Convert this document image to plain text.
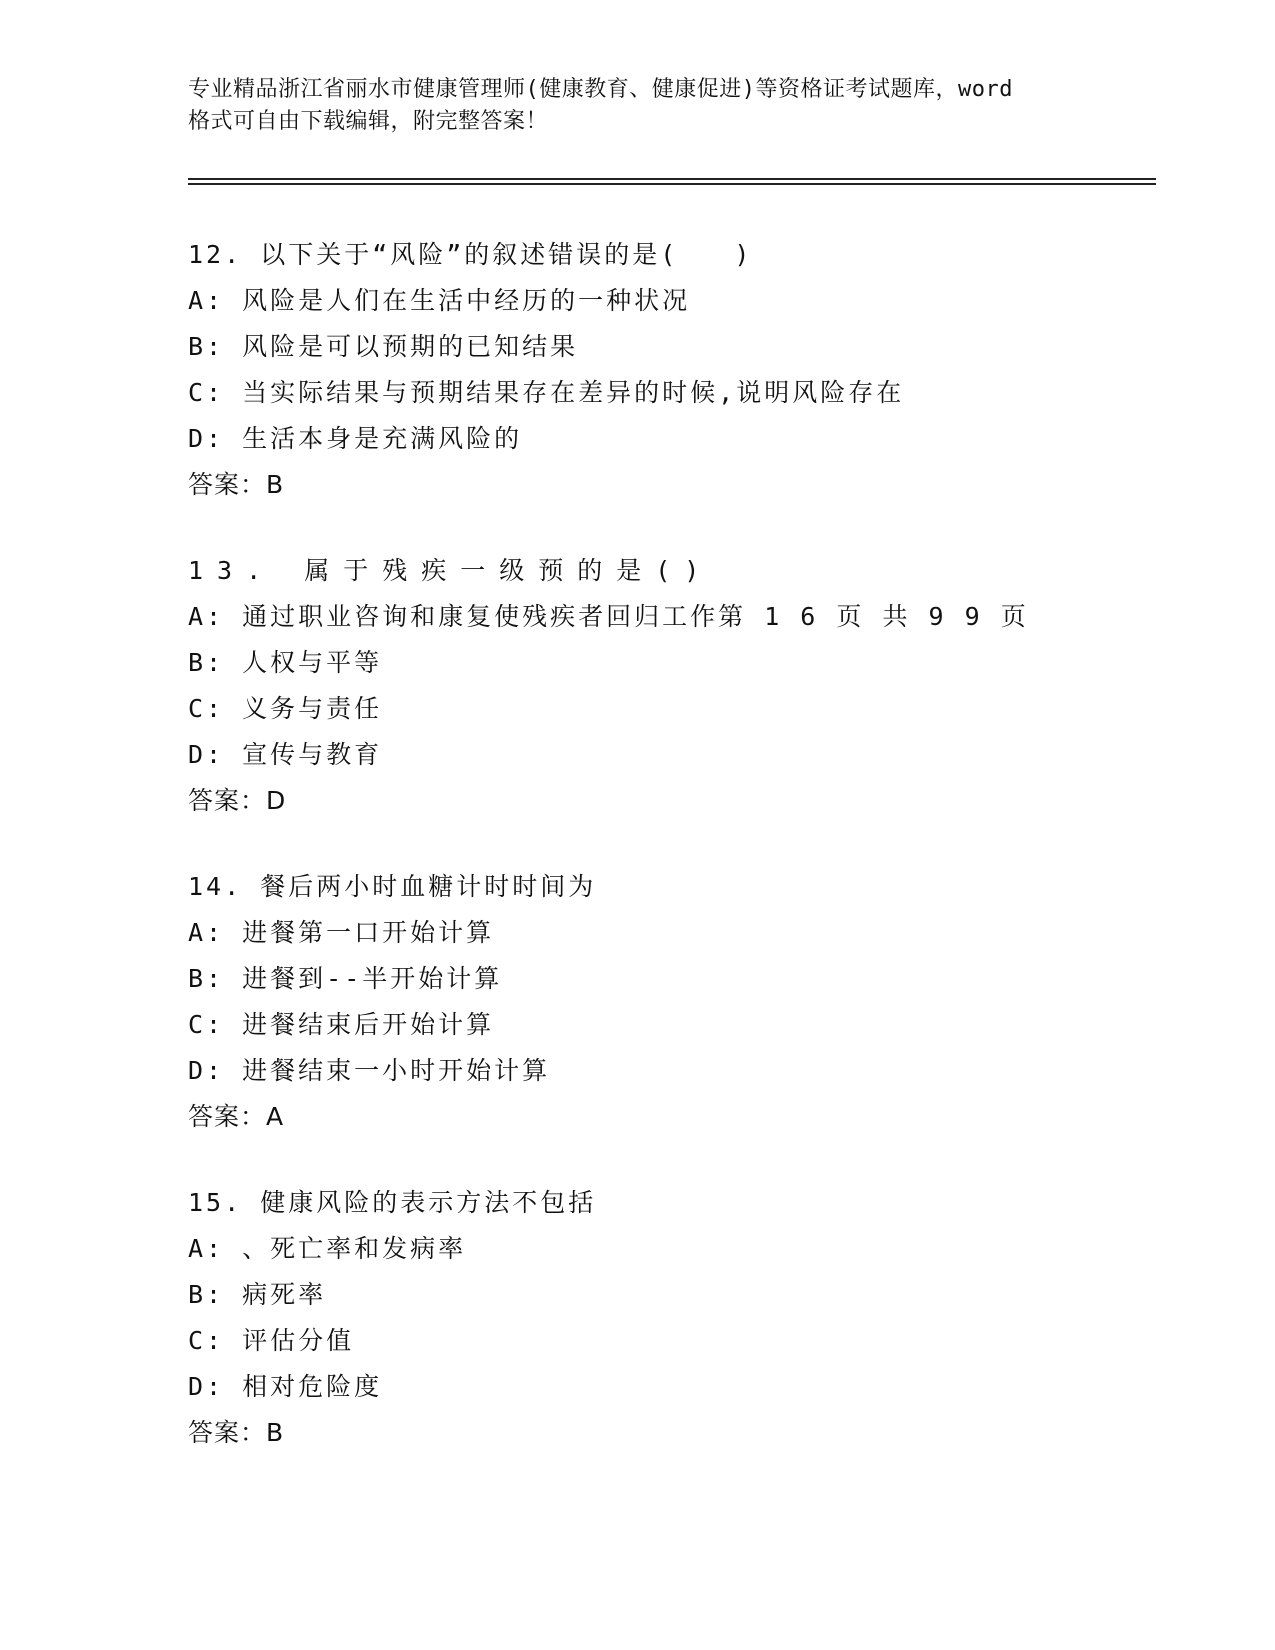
专业精品浙江省丽水市健康管理师(健康教育、健康促进)等资格证考试题库，word
格式可自由下载编辑，附完整答案！
12. 以下关于“风险”的叙述错误的是(　　)
A: 风险是人们在生活中经历的一种状况
B: 风险是可以预期的已知结果
C: 当实际结果与预期结果存在差异的时候,说明风险存在
D: 生活本身是充满风险的
答案：B
13. 属于残疾一级预的是()
A: 通过职业咨询和康复使残疾者回归工作第 1 6 页 共 9 9 页
B: 人权与平等
C: 义务与责任
D: 宣传与教育
答案：D
14. 餐后两小时血糖计时时间为
A: 进餐第一口开始计算
B: 进餐到--半开始计算
C: 进餐结束后开始计算
D: 进餐结束一小时开始计算
答案：A
15. 健康风险的表示方法不包括
A: 、死亡率和发病率
B: 病死率
C: 评估分值
D: 相对危险度
答案：B
